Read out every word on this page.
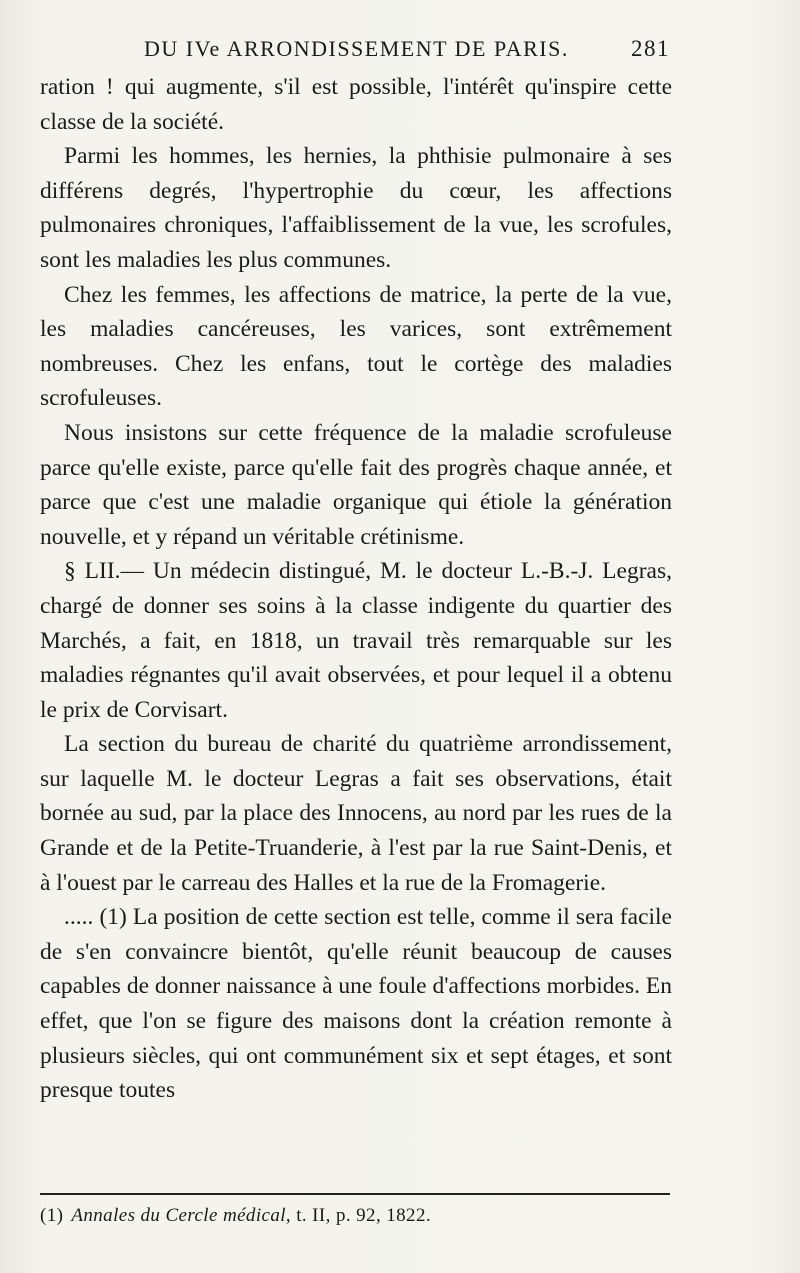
DU IVe ARRONDISSEMENT DE PARIS.	281

ration ! qui augmente, s'il est possible, l'intérêt qu'inspire cette classe de la société.

Parmi les hommes, les hernies, la phthisie pulmonaire à ses différens degrés, l'hypertrophie du cœur, les affections pulmonaires chroniques, l'affaiblissement de la vue, les scrofules, sont les maladies les plus communes.

Chez les femmes, les affections de matrice, la perte de la vue, les maladies cancéreuses, les varices, sont extrêmement nombreuses. Chez les enfans, tout le cortège des maladies scrofuleuses.

Nous insistons sur cette fréquence de la maladie scrofuleuse parce qu'elle existe, parce qu'elle fait des progrès chaque année, et parce que c'est une maladie organique qui étiole la génération nouvelle, et y répand un véritable crétinisme.

§ LII.— Un médecin distingué, M. le docteur L.-B.-J. Legras, chargé de donner ses soins à la classe indigente du quartier des Marchés, a fait, en 1818, un travail très remarquable sur les maladies régnantes qu'il avait observées, et pour lequel il a obtenu le prix de Corvisart.

La section du bureau de charité du quatrième arrondissement, sur laquelle M. le docteur Legras a fait ses observations, était bornée au sud, par la place des Innocens, au nord par les rues de la Grande et de la Petite-Truanderie, à l'est par la rue Saint-Denis, et à l'ouest par le carreau des Halles et la rue de la Fromagerie.

..... (1) La position de cette section est telle, comme il sera facile de s'en convaincre bientôt, qu'elle réunit beaucoup de causes capables de donner naissance à une foule d'affections morbides. En effet, que l'on se figure des maisons dont la création remonte à plusieurs siècles, qui ont communément six et sept étages, et sont presque toutes

(1) Annales du Cercle médical, t. II, p. 92, 1822.
